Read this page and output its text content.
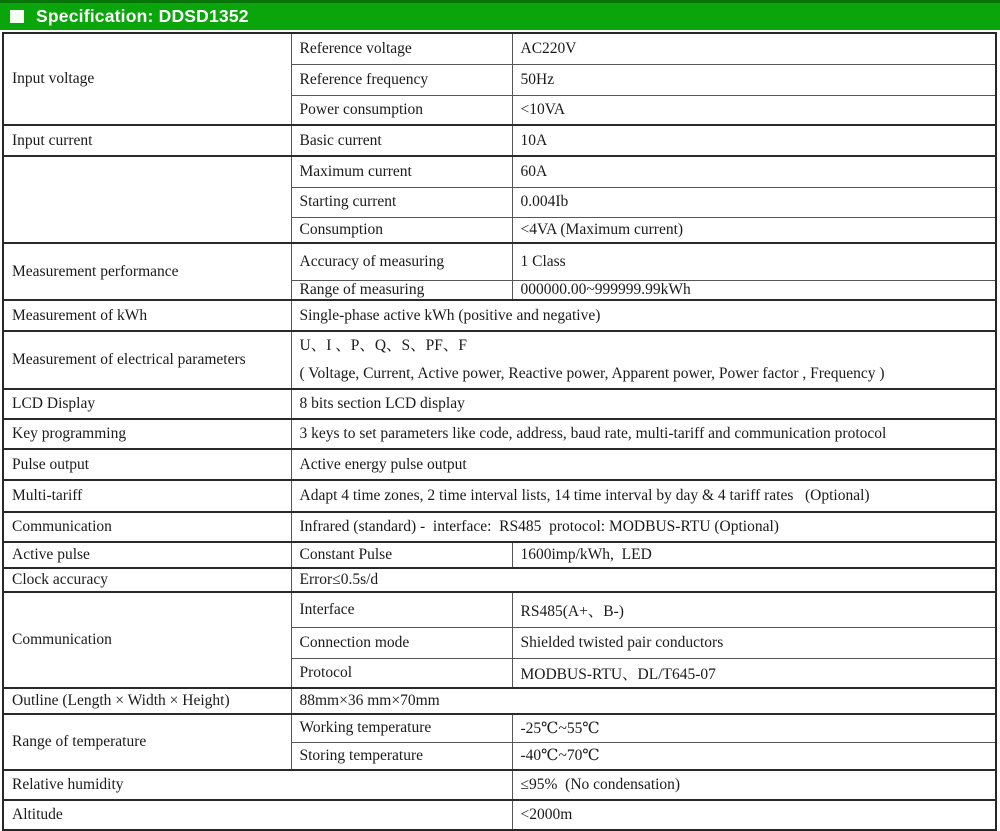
Specification: DDSD1352
Input voltage	Reference voltage	AC220V
	Reference frequency	50Hz
	Power consumption	<10VA
Input current	Basic current	10A
	Maximum current	60A
	Starting current	0.004Ib
	Consumption	<4VA (Maximum current)
Measurement performance	Accuracy of measuring	1 Class
	Range of measuring	000000.00~999999.99kWh
Measurement of kWh	Single-phase active kWh (positive and negative)	
Measurement of electrical parameters	U、I 、P、Q、S、PF、F
( Voltage, Current, Active power, Reactive power, Apparent power, Power factor , Frequency )	

LCD Display	8 bits section LCD display	
Key programming	3 keys to set parameters like code, address, baud rate, multi-tariff and communication protocol	
Pulse output	Active energy pulse output	
Multi-tariff	Adapt 4 time zones, 2 time interval lists, 14 time interval by day & 4 tariff rates   (Optional)	
Communication	Infrared (standard) -  interface:  RS485  protocol: MODBUS-RTU (Optional)	
Active pulse	Constant Pulse	1600imp/kWh,  LED
Clock accuracy	Error≤0.5s/d	
Communication	Interface	RS485(A+、B-)
	Connection mode	Shielded twisted pair conductors
	Protocol	MODBUS-RTU、DL/T645-07
Outline (Length × Width × Height)	88mm×36 mm×70mm	
Range of temperature	Working temperature	-25℃~55℃
	Storing temperature	-40℃~70℃
Relative humidity		≤95%  (No condensation)
Altitude		<2000m
